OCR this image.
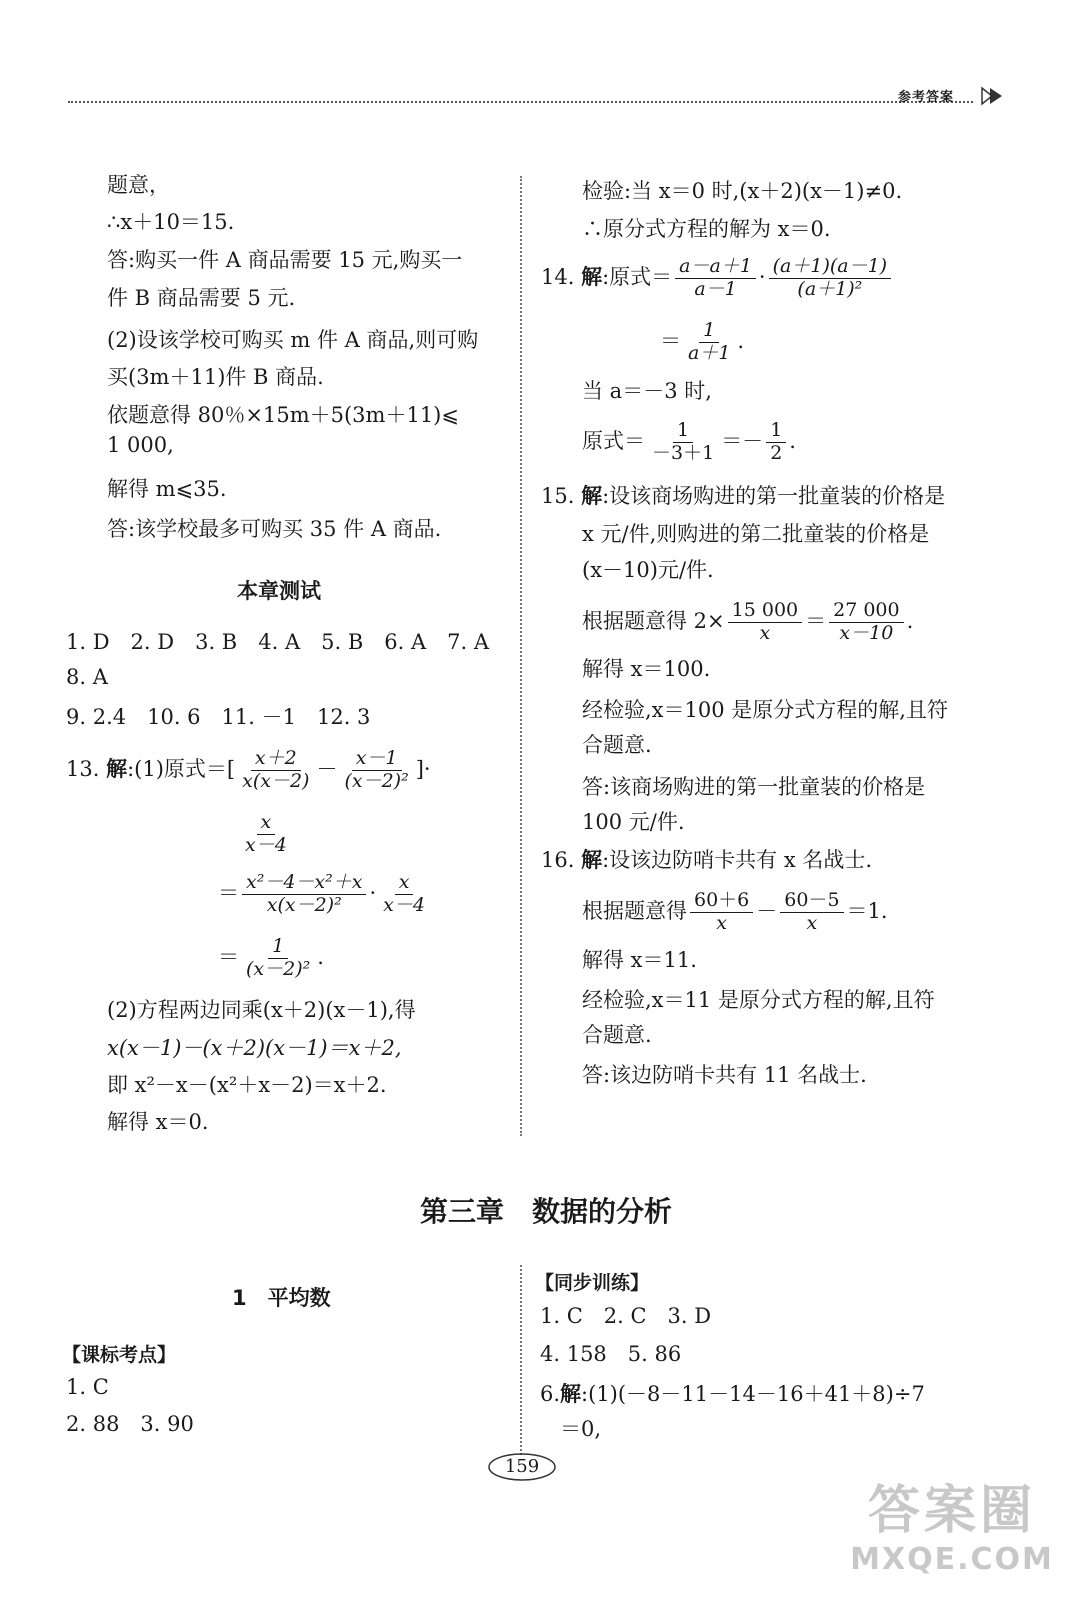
参考答案
题意，
∴x＋10＝15.
答:购买一件 A 商品需要 15 元,购买一
件 B 商品需要 5 元.
(2)设该学校可购买 m 件 A 商品,则可购
买(3m＋11)件 B 商品.
依题意得 80％×15m＋5(3m＋11)⩽
1 000,
解得 m⩽35.
答:该学校最多可购买 35 件 A 商品.
本章测试
1. D　2. D　3. B　4. A　5. B　6. A　7. A
8. A
9. 2.4　10. 6　11. －1　12. 3
13. 解:(1)原式＝[ $\frac{x+2}{x(x-2)} - \frac{x-1}{\text{(x－2)²}}$ ]·
$\frac{x}{x-4}$
＝ $\frac{\text{x²－4－x²＋x}}{\text{x(x－2)²}} \cdot \frac{x}{x-4}$
＝ $\frac{1}{\text{(x－2)²}}$ .
(2)方程两边同乘(x＋2)(x－1),得
x(x－1)－(x＋2)(x－1)＝x＋2,
即 x²－x－(x²＋x－2)＝x＋2.
解得 x＝0.
检验:当 x＝0 时,(x＋2)(x－1)≠0.
∴原分式方程的解为 x＝0.
14. 解:原式＝ $\frac{a-a+1}{a-1} \cdot \frac{(a+1)(a-1)}{\text{(a＋1)²}}$
＝ $\frac{1}{a+1}$ .
当 a＝－3 时,
原式＝ $\frac{1}{-3+1} =- \frac{1}{2}$ .
15. 解:设该商场购进的第一批童装的价格是
x 元/件,则购进的第二批童装的价格是
(x－10)元/件.
根据题意得 $2\times \frac{15 000}{x} = \frac{27 000}{x-10}$ .
解得 x＝100.
经检验,x＝100 是原分式方程的解,且符
合题意.
答:该商场购进的第一批童装的价格是
100 元/件.
16. 解:设该边防哨卡共有 x 名战士.
根据题意得 $\frac{60+6}{x} - \frac{60-5}{x} =1$.
解得 x＝11.
经检验,x＝11 是原分式方程的解,且符
合题意.
答:该边防哨卡共有 11 名战士.
第三章　数据的分析
1　平均数
【课标考点】
1. C
2. 88　3. 90
【同步训练】
1. C　2. C　3. D
4. 158　5. 86
6.解:(1)(－8－11－14－16＋41＋8)÷7
＝0,
159
答案圈
MXQE.COM
